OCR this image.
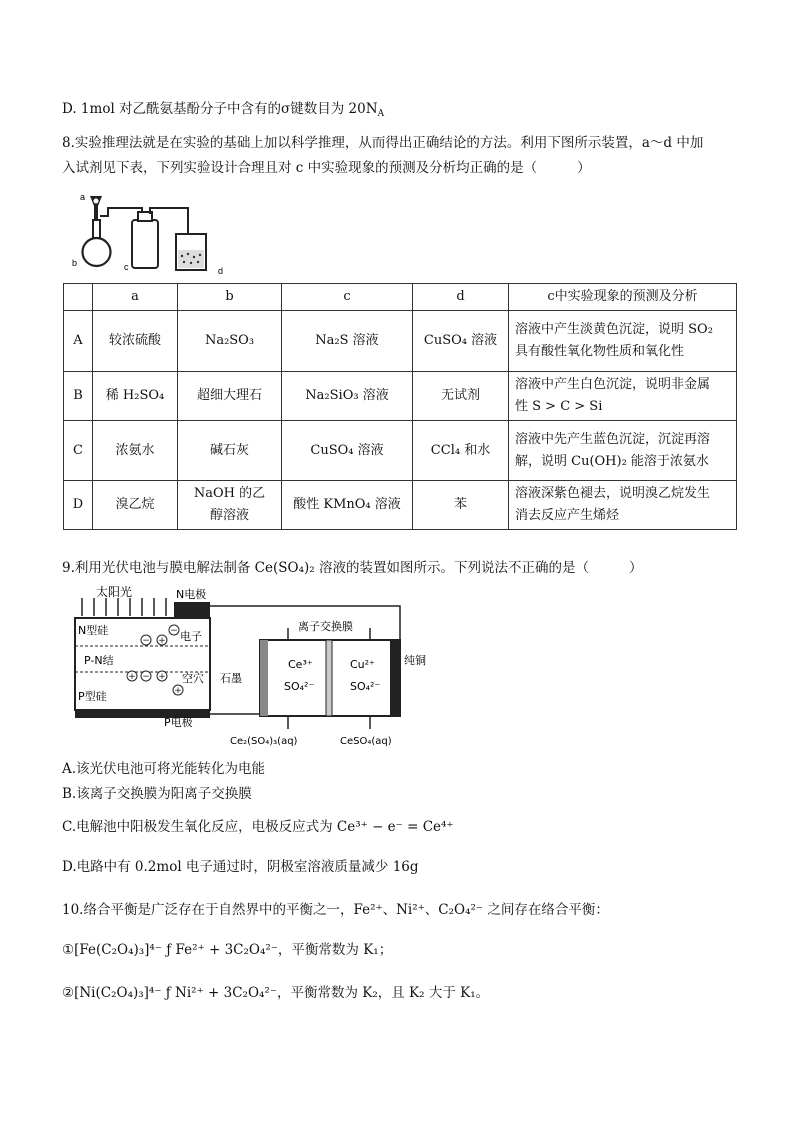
D. 1mol 对乙酰氨基酚分子中含有的σ键数目为 $20N_A$
8.实验推理法就是在实验的基础上加以科学推理，从而得出正确结论的方法。利用下图所示装置，a～d 中加
入试剂见下表，下列实验设计合理且对 c 中实验现象的预测及分析均正确的是（	）
a
b	c	d
	a	b	c	d	c中实验现象的预测及分析
A	较浓硫酸	Na₂SO₃	Na₂S 溶液	CuSO₄ 溶液	溶液中产生淡黄色沉淀，说明 SO₂
具有酸性氧化物性质和氧化性
B	稀 H₂SO₄	超细大理石	Na₂SiO₃ 溶液	无试剂	溶液中产生白色沉淀，说明非金属
性 S > C > Si
C	浓氨水	碱石灰	CuSO₄ 溶液	CCl₄ 和水	溶液中先产生蓝色沉淀，沉淀再溶
解，说明 Cu(OH)₂ 能溶于浓氨水
D	溴乙烷	NaOH 的乙
醇溶液	酸性 KMnO₄ 溶液	苯	溶液深紫色褪去，说明溴乙烷发生
消去反应产生烯烃
9.利用光伏电池与膜电解法制备 Ce(SO₄)₂ 溶液的装置如图所示。下列说法不正确的是（	）
太阳光	N电极
N型硅
P-N结
P型硅
P电极
电子
空穴
− +
−
+ − +
+
离子交换膜
石墨
纯铜
Ce³⁺	Cu²⁺
SO₄²⁻	SO₄²⁻
Ce₂(SO₄)₃(aq)	CeSO₄(aq)
A.该光伏电池可将光能转化为电能
B.该离子交换膜为阳离子交换膜
C.电解池中阳极发生氧化反应，电极反应式为 Ce³⁺ − e⁻ = Ce⁴⁺
D.电路中有 0.2mol 电子通过时，阴极室溶液质量减少 16g
10.络合平衡是广泛存在于自然界中的平衡之一，Fe²⁺、Ni²⁺、C₂O₄²⁻ 之间存在络合平衡：
①[Fe(C₂O₄)₃]⁴⁻ ƒ Fe²⁺ + 3C₂O₄²⁻，平衡常数为 K₁；
②[Ni(C₂O₄)₃]⁴⁻ ƒ Ni²⁺ + 3C₂O₄²⁻，平衡常数为 K₂，且 K₂ 大于 K₁。
